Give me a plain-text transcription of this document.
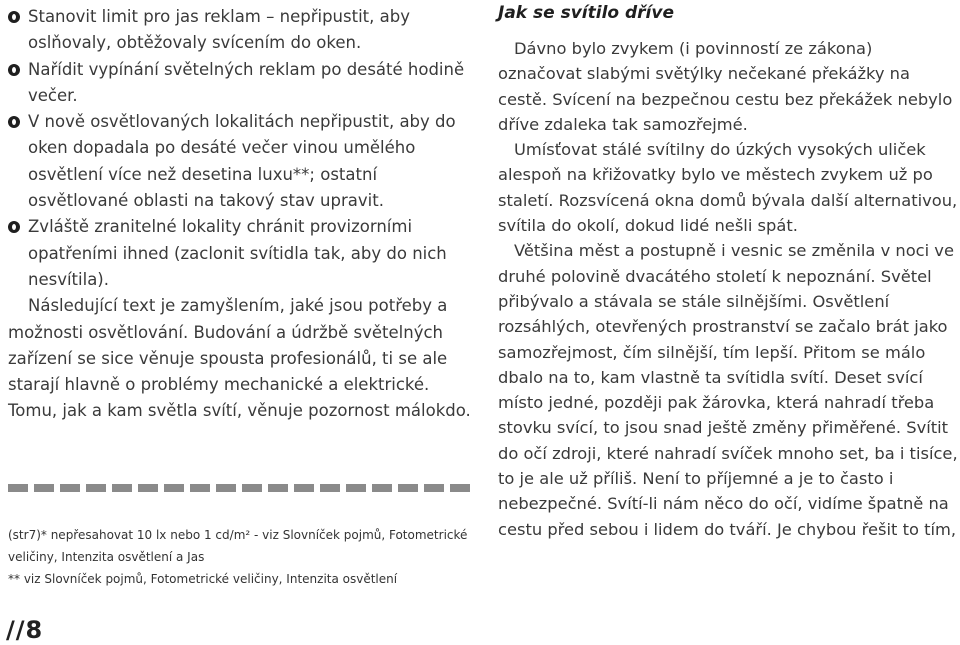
Stanovit limit pro jas reklam – nepřipustit, aby oslňovaly, obtěžovaly svícením do oken.

Nařídit vypínání světelných reklam po desáté hodině večer.

V nově osvětlovaných lokalitách nepřipustit, aby do oken dopadala po desáté večer vinou umělého osvětlení více než desetina luxu**; ostatní osvětlované oblasti na takový stav upravit.

Zvláště zranitelné lokality chránit provizorními opatřeními ihned (zaclonit svítidla tak, aby do nich nesvítila).

Následující text je zamyšlením, jaké jsou potřeby a možnosti osvětlování. Budování a údržbě světelných zařízení se sice věnuje spousta profesionálů, ti se ale starají hlavně o problémy mechanické a elektrické. Tomu, jak a kam světla svítí, věnuje pozornost málokdo.

(str7)* nepřesahovat 10 lx nebo 1 cd/m² - viz Slovníček pojmů, Fotometrické veličiny, Intenzita osvětlení a Jas

** viz Slovníček pojmů, Fotometrické veličiny, Intenzita osvětlení

//8
Jak se svítilo dříve

Dávno bylo zvykem (i povinností ze zákona) označovat slabými světýlky nečekané překážky na cestě. Svícení na bezpečnou cestu bez překážek nebylo dříve zdaleka tak samozřejmé.

Umísťovat stálé svítilny do úzkých vysokých uliček alespoň na křižovatky bylo ve městech zvykem už po staletí. Rozsvícená okna domů bývala další alternativou, svítila do okolí, dokud lidé nešli spát.

Většina měst a postupně i vesnic se změnila v noci ve druhé polovině dvacátého století k nepoznání. Světel přibývalo a stávala se stále silnějšími. Osvětlení rozsáhlých, otevřených prostranství se začalo brát jako samozřejmost, čím silnější, tím lepší. Přitom se málo dbalo na to, kam vlastně ta svítidla svítí. Deset svící místo jedné, později pak žárovka, která nahradí třeba stovku svící, to jsou snad ještě změny přiměřené. Svítit do očí zdroji, které nahradí svíček mnoho set, ba i tisíce, to je ale už příliš. Není to příjemné a je to často i nebezpečné. Svítí-li nám něco do očí, vidíme špatně na cestu před sebou i lidem do tváří. Je chybou řešit to tím,
